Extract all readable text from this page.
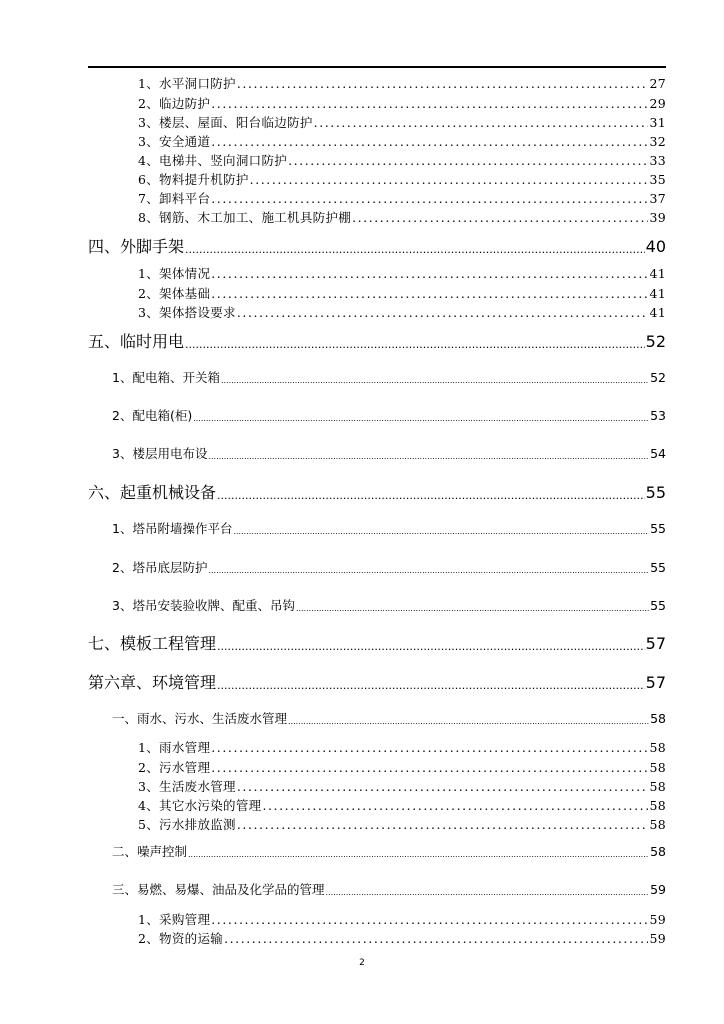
1、水平洞口防护 . . .	27
2、临边防护 . . .	29
3、楼层、屋面、阳台临边防护 . . .	31
3、安全通道 . . .	32
4、电梯井、竖向洞口防护 . . .	33
6、物料提升机防护 . . .	35
7、卸料平台 . . .	37
8、钢筋、木工加工、施工机具防护棚 . . .	39
四、外脚手架 .....	40
1、架体情况 . . .	41
2、架体基础 . . .	41
3、架体搭设要求 . . .	41
五、临时用电 .....	52
1、配电箱、开关箱 .....	52
2、配电箱(柜) .....	53
3、楼层用电布设 .....	54
六、起重机械设备 .....	55
1、塔吊附墙操作平台 .....	55
2、塔吊底层防护 .....	55
3、塔吊安装验收牌、配重、吊钩 .....	55
七、模板工程管理 .....	57
第六章、环境管理 .....	57
一、雨水、污水、生活废水管理 .....	58
1、雨水管理 . . .	58
2、污水管理 . . .	58
3、生活废水管理 . . .	58
4、其它水污染的管理 . . .	58
5、污水排放监测 . . .	58
二、噪声控制 .....	58
三、易燃、易爆、油品及化学品的管理 .....	59
1、采购管理 . . .	59
2、物资的运输 . . .	59
2
